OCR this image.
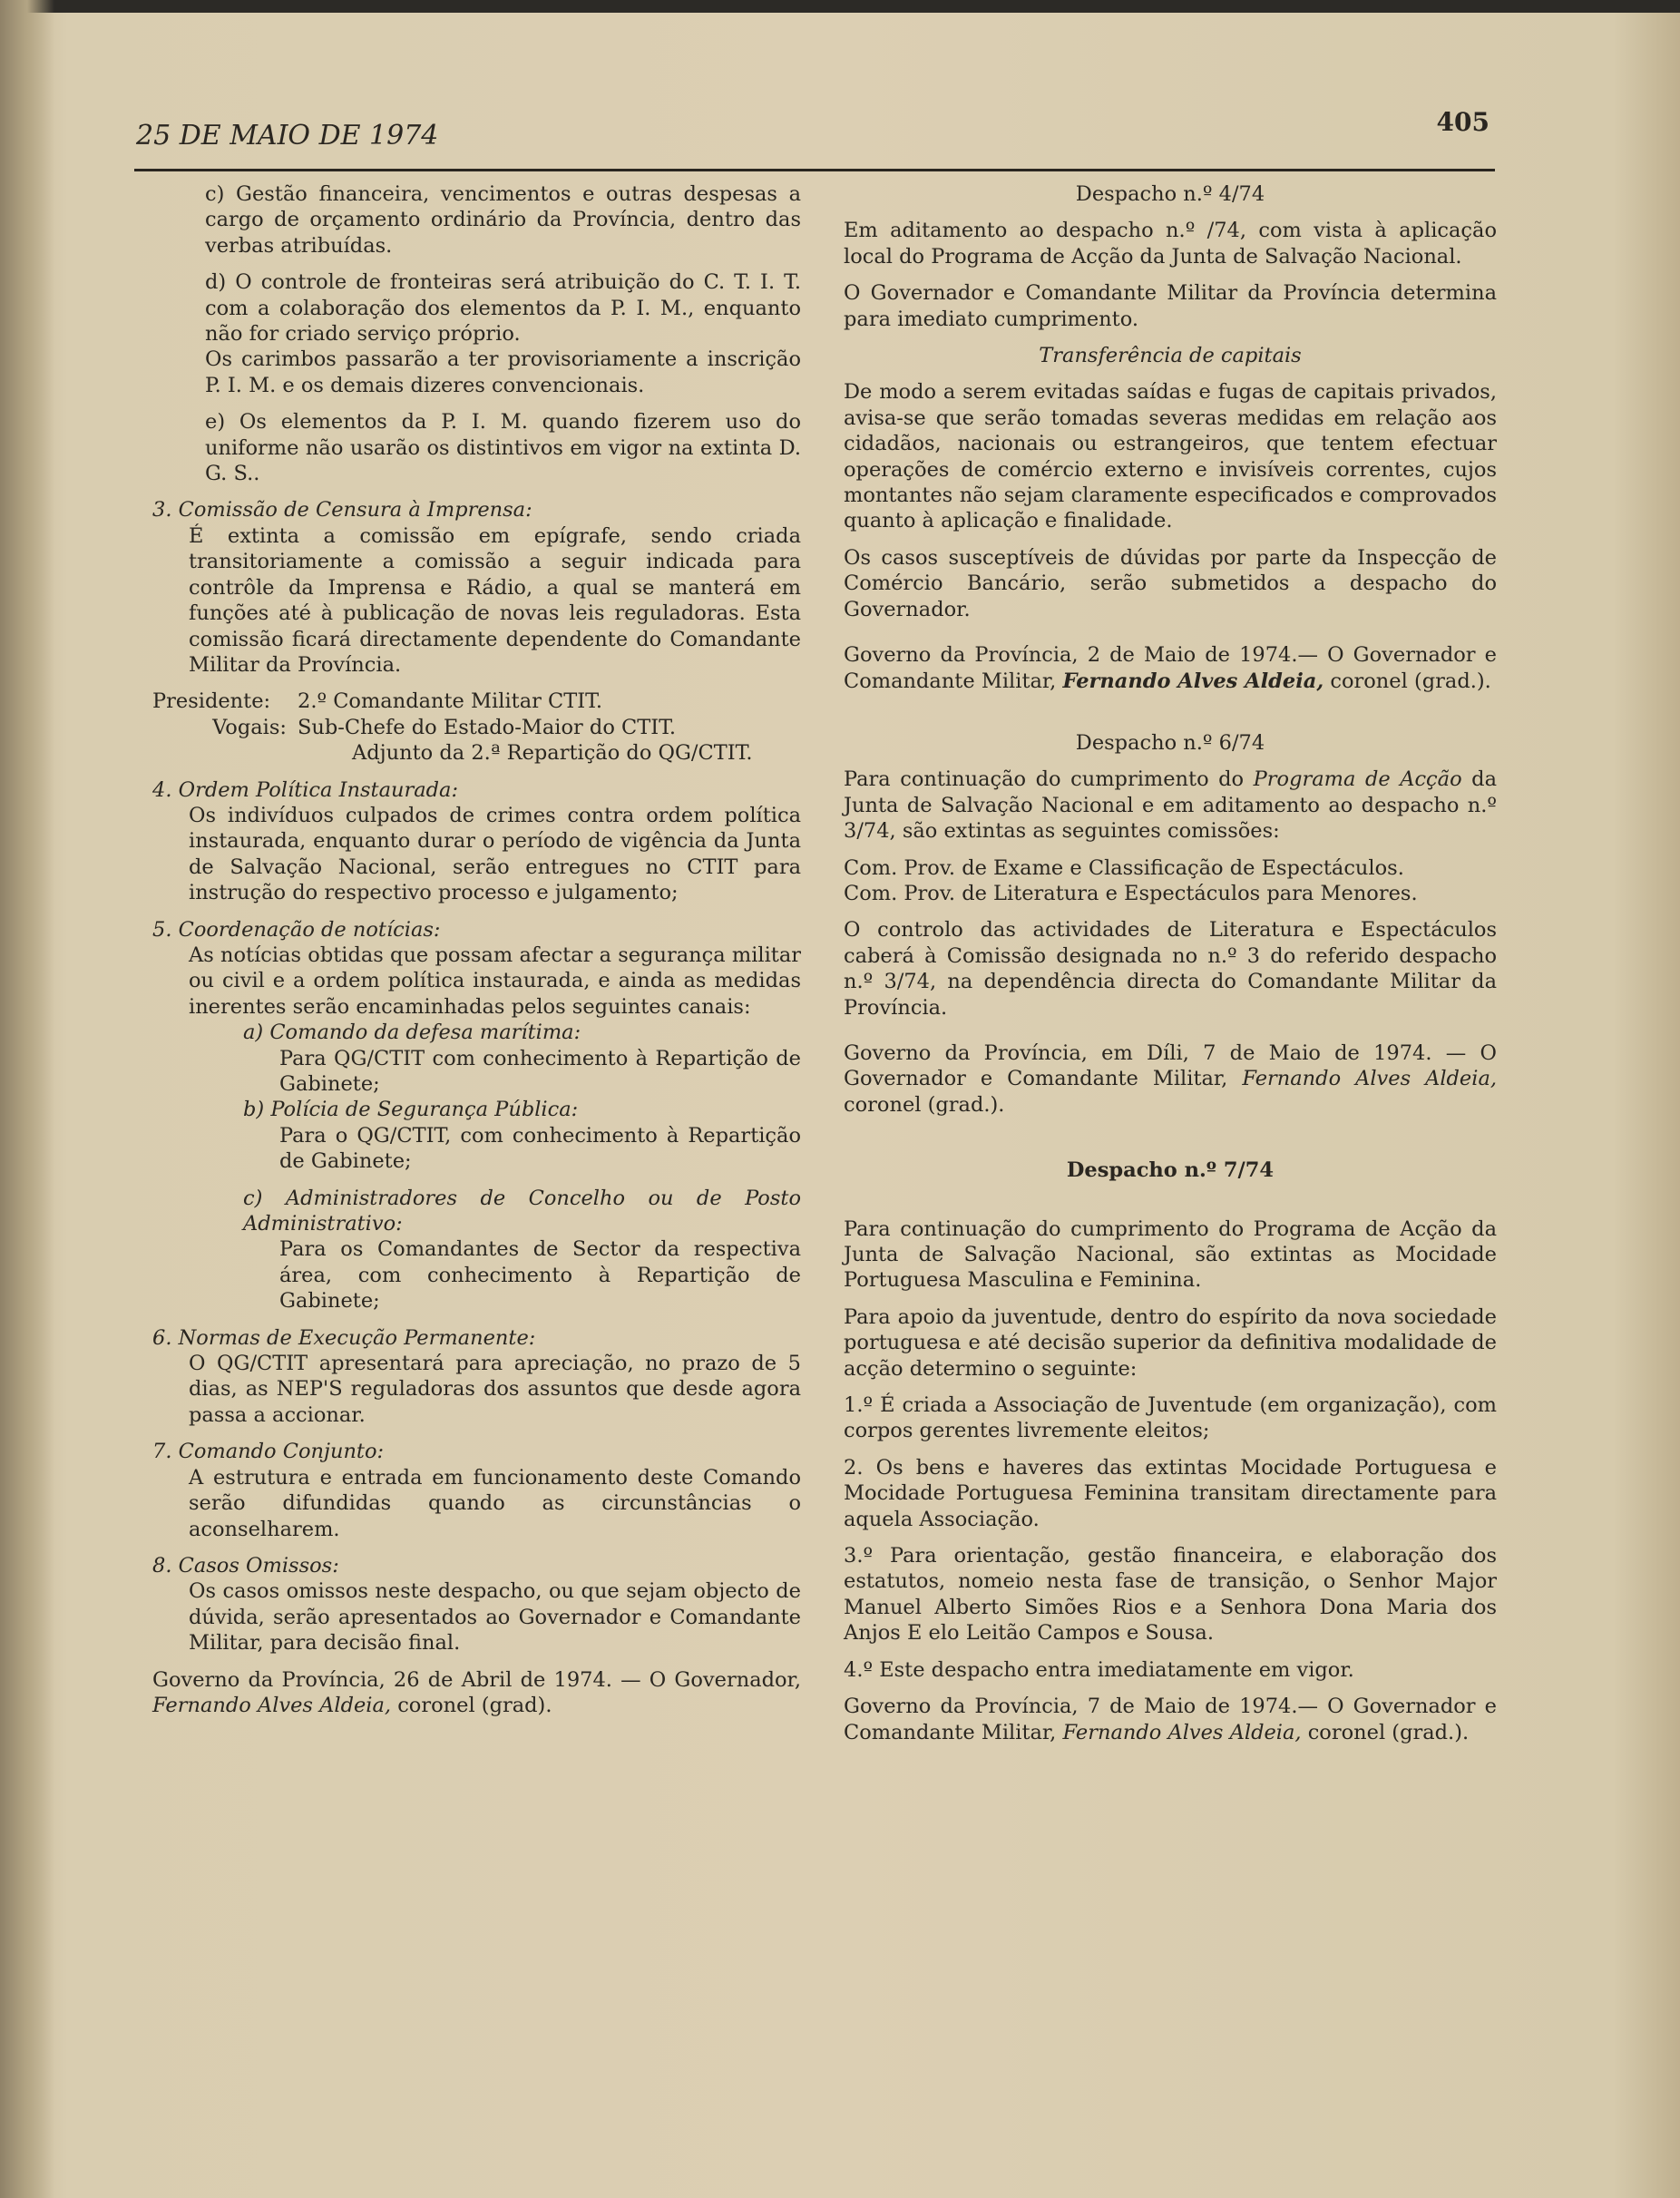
25 DE MAIO DE 1974	405

c) Gestão financeira, vencimentos e outras despesas a cargo de orçamento ordinário da Província, dentro das verbas atribuídas.

d) O controle de fronteiras será atribuição do C. T. I. T. com a colaboração dos elementos da P. I. M., enquanto não for criado serviço próprio.

Os carimbos passarão a ter provisoriamente a inscrição P. I. M. e os demais dizeres convencionais.

e) Os elementos da P. I. M. quando fizerem uso do uniforme não usarão os distintivos em vigor na extinta D. G. S..

3. Comissão de Censura à Imprensa:

É extinta a comissão em epígrafe, sendo criada transitoriamente a comissão a seguir indicada para contrôle da Imprensa e Rádio, a qual se manterá em funções até à publicação de novas leis reguladoras. Esta comissão ficará directamente dependente do Comandante Militar da Província.

Presidente:	2.º Comandante Militar CTIT.
Vogais: Sub-Chefe do Estado-Maior do CTIT.

Adjunto da 2.ª Repartição do QG/CTIT.

4. Ordem Política Instaurada:

Os indivíduos culpados de crimes contra ordem política instaurada, enquanto durar o período de vigência da Junta de Salvação Nacional, serão entregues no CTIT para instrução do respectivo processo e julgamento;

5. Coordenação de notícias:

As notícias obtidas que possam afectar a segurança militar ou civil e a ordem política instaurada, e ainda as medidas inerentes serão encaminhadas pelos seguintes canais:

a) Comando da defesa marítima:

Para QG/CTIT com conhecimento à Repartição de Gabinete;

b) Polícia de Segurança Pública:

Para o QG/CTIT, com conhecimento à Repartição de Gabinete;

c) Administradores de Concelho ou de Posto Administrativo:

Para os Comandantes de Sector da respectiva área, com conhecimento à Repartição de Gabinete;

6. Normas de Execução Permanente:

O QG/CTIT apresentará para apreciação, no prazo de 5 dias, as NEP'S reguladoras dos assuntos que desde agora passa a accionar.

7. Comando Conjunto:

A estrutura e entrada em funcionamento deste Comando serão difundidas quando as circunstâncias o aconselharem.

8. Casos Omissos:

Os casos omissos neste despacho, ou que sejam objecto de dúvida, serão apresentados ao Governador e Comandante Militar, para decisão final.

Governo da Província, 26 de Abril de 1974. — O Governador, Fernando Alves Aldeia, coronel (grad).

Despacho n.º 4/74

Em aditamento ao despacho n.º /74, com vista à aplicação local do Programa de Acção da Junta de Salvação Nacional.

O Governador e Comandante Militar da Província determina para imediato cumprimento.

Transferência de capitais

De modo a serem evitadas saídas e fugas de capitais privados, avisa-se que serão tomadas severas medidas em relação aos cidadãos, nacionais ou estrangeiros, que tentem efectuar operações de comércio externo e invisíveis correntes, cujos montantes não sejam claramente especificados e comprovados quanto à aplicação e finalidade.

Os casos susceptíveis de dúvidas por parte da Inspecção de Comércio Bancário, serão submetidos a despacho do Governador.

Governo da Província, 2 de Maio de 1974.— O Governador e Comandante Militar, Fernando Alves Aldeia, coronel (grad.).

Despacho n.º 6/74

Para continuação do cumprimento do Programa de Acção da Junta de Salvação Nacional e em aditamento ao despacho n.º 3/74, são extintas as seguintes comissões:

Com. Prov. de Exame e Classificação de Espectáculos.

Com. Prov. de Literatura e Espectáculos para Menores.

O controlo das actividades de Literatura e Espectáculos caberá à Comissão designada no n.º 3 do referido despacho n.º 3/74, na dependência directa do Comandante Militar da Província.

Governo da Província, em Díli, 7 de Maio de 1974. — O Governador e Comandante Militar, Fernando Alves Aldeia, coronel (grad.).

Despacho n.º 7/74

Para continuação do cumprimento do Programa de Acção da Junta de Salvação Nacional, são extintas as Mocidade Portuguesa Masculina e Feminina.

Para apoio da juventude, dentro do espírito da nova sociedade portuguesa e até decisão superior da definitiva modalidade de acção determino o seguinte:

1.º É criada a Associação de Juventude (em organização), com corpos gerentes livremente eleitos;

2. Os bens e haveres das extintas Mocidade Portuguesa e Mocidade Portuguesa Feminina transitam directamente para aquela Associação.

3.º Para orientação, gestão financeira, e elaboração dos estatutos, nomeio nesta fase de transição, o Senhor Major Manuel Alberto Simões Rios e a Senhora Dona Maria dos Anjos E elo Leitão Campos e Sousa.

4.º Este despacho entra imediatamente em vigor.

Governo da Província, 7 de Maio de 1974.— O Governador e Comandante Militar, Fernando Alves Aldeia, coronel (grad.).
